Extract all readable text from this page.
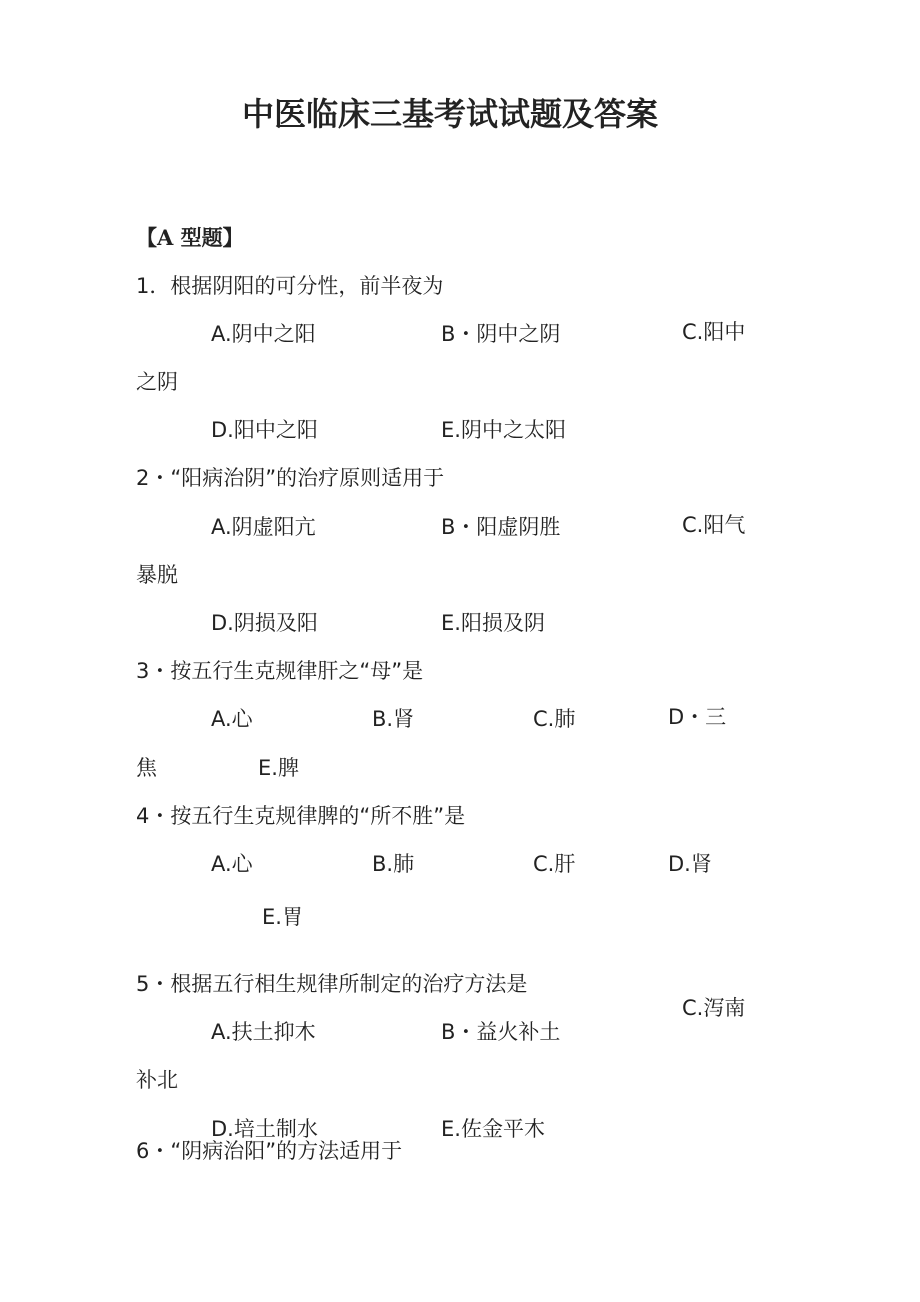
中医临床三基考试试题及答案
【A 型题】
1．根据阴阳的可分性，前半夜为
A.阴中之阳	B・阴中之阴	C.阳中
之阴
D.阳中之阳	E.阴中之太阳
2・“阳病治阴”的治疗原则适用于
A.阴虚阳亢	B・阳虚阴胜	C.阳气
暴脱
D.阴损及阳	E.阳损及阴
3・按五行生克规律肝之“母”是
A.心	B.肾	C.肺	D・三
焦	E.脾
4・按五行生克规律脾的“所不胜”是
A.心	B.肺	C.肝	D.肾
E.胃
5・根据五行相生规律所制定的治疗方法是
A.扶土抑木	B・益火补土
C.泻南
补北
D.培土制水	E.佐金平木
6・“阴病治阳”的方法适用于
